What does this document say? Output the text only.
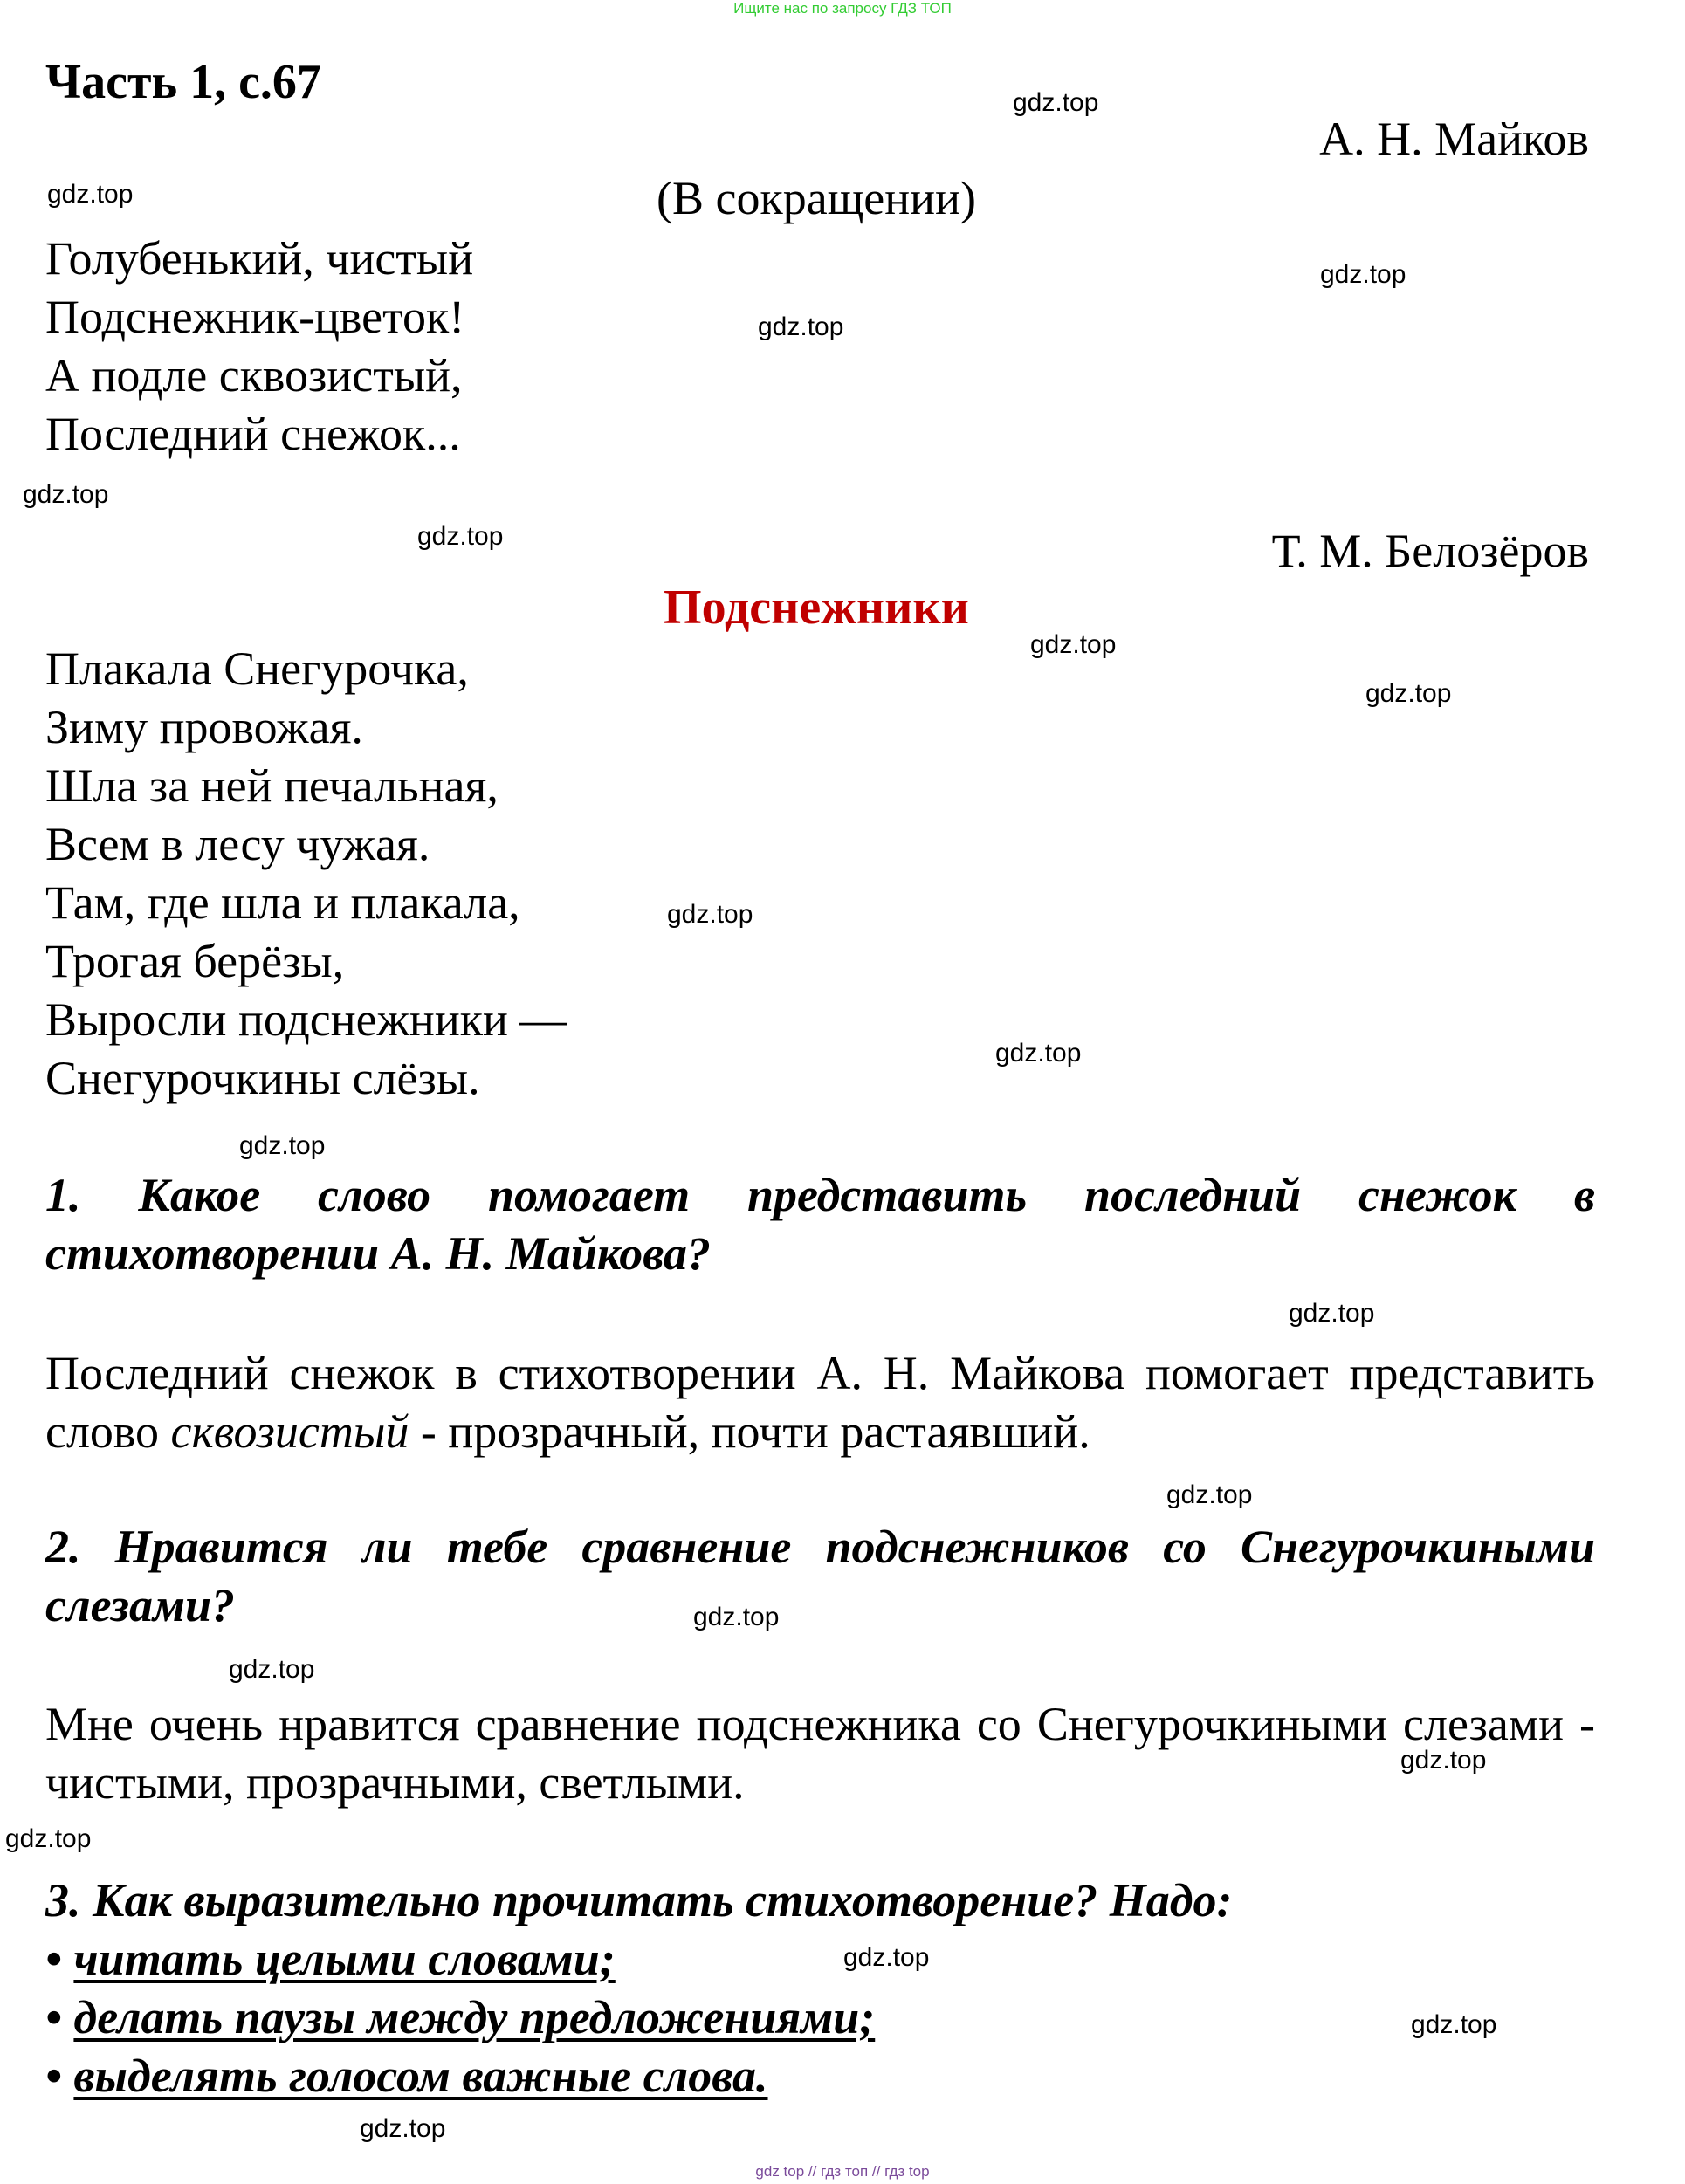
Ищите нас по запросу ГДЗ ТОП
Часть 1, с.67
А. Н. Майков
(В сокращении)
Голубенький, чистый
Подснежник-цветок!
А подле сквозистый,
Последний снежок...
Т. М. Белозёров
Подснежники
Плакала Снегурочка,
Зиму провожая.
Шла за ней печальная,
Всем в лесу чужая.
Там, где шла и плакала,
Трогая берёзы,
Выросли подснежники —
Снегурочкины слёзы.
1. Какое слово помогает представить последний снежок в стихотворении А. Н. Майкова?
Последний снежок в стихотворении А. Н. Майкова помогает представить слово сквозистый - прозрачный, почти растаявший.
2. Нравится ли тебе сравнение подснежников со Снегурочкиными слезами?
Мне очень нравится сравнение подснежника со Снегурочкиными слезами - чистыми, прозрачными, светлыми.
3. Как выразительно прочитать стихотворение? Надо:
• читать целыми словами;
• делать паузы между предложениями;
• выделять голосом важные слова.
gdz.top
gdz.top
gdz.top
gdz.top
gdz.top
gdz.top
gdz.top
gdz.top
gdz.top
gdz.top
gdz.top
gdz.top
gdz.top
gdz.top
gdz.top
gdz.top
gdz.top
gdz.top
gdz.top
gdz.top
gdz top // гдз топ // гдз top
